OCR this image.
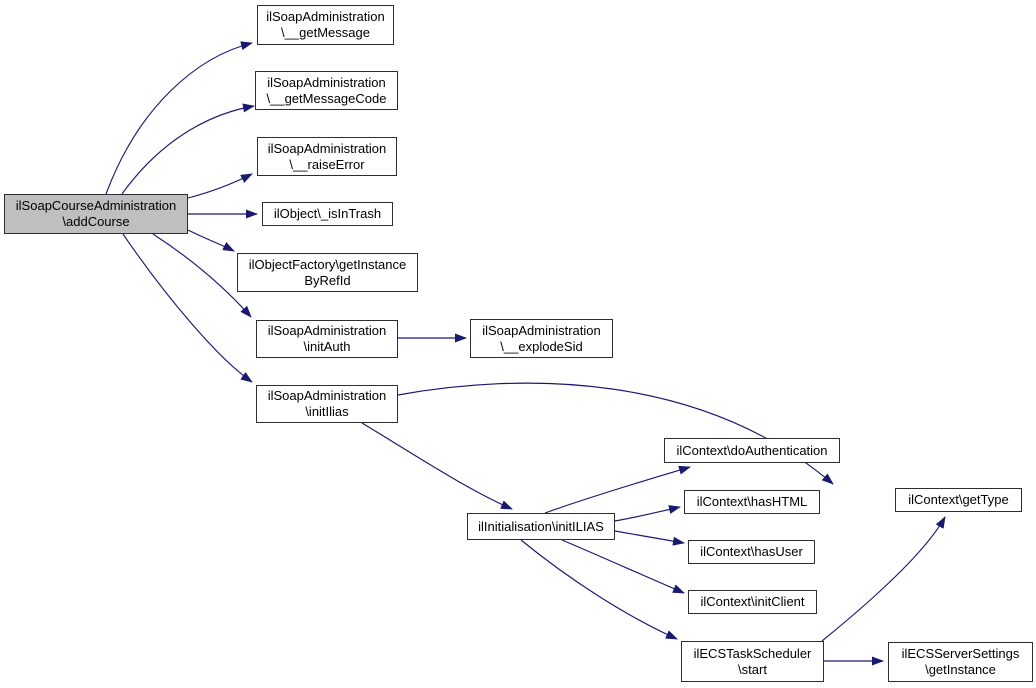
ilSoapCourseAdministration
\addCourse
ilSoapAdministration
\__getMessage
ilSoapAdministration
\__getMessageCode
ilSoapAdministration
\__raiseError
ilObject\_isInTrash
ilObjectFactory\getInstance
ByRefId
ilSoapAdministration
\initAuth
ilSoapAdministration
\initIlias
ilSoapAdministration
\__explodeSid
ilInitialisation\initILIAS
ilContext\doAuthentication
ilContext\hasHTML
ilContext\hasUser
ilContext\initClient
ilECSTaskScheduler
\start
ilECSServerSettings
\getInstance
ilContext\getType
